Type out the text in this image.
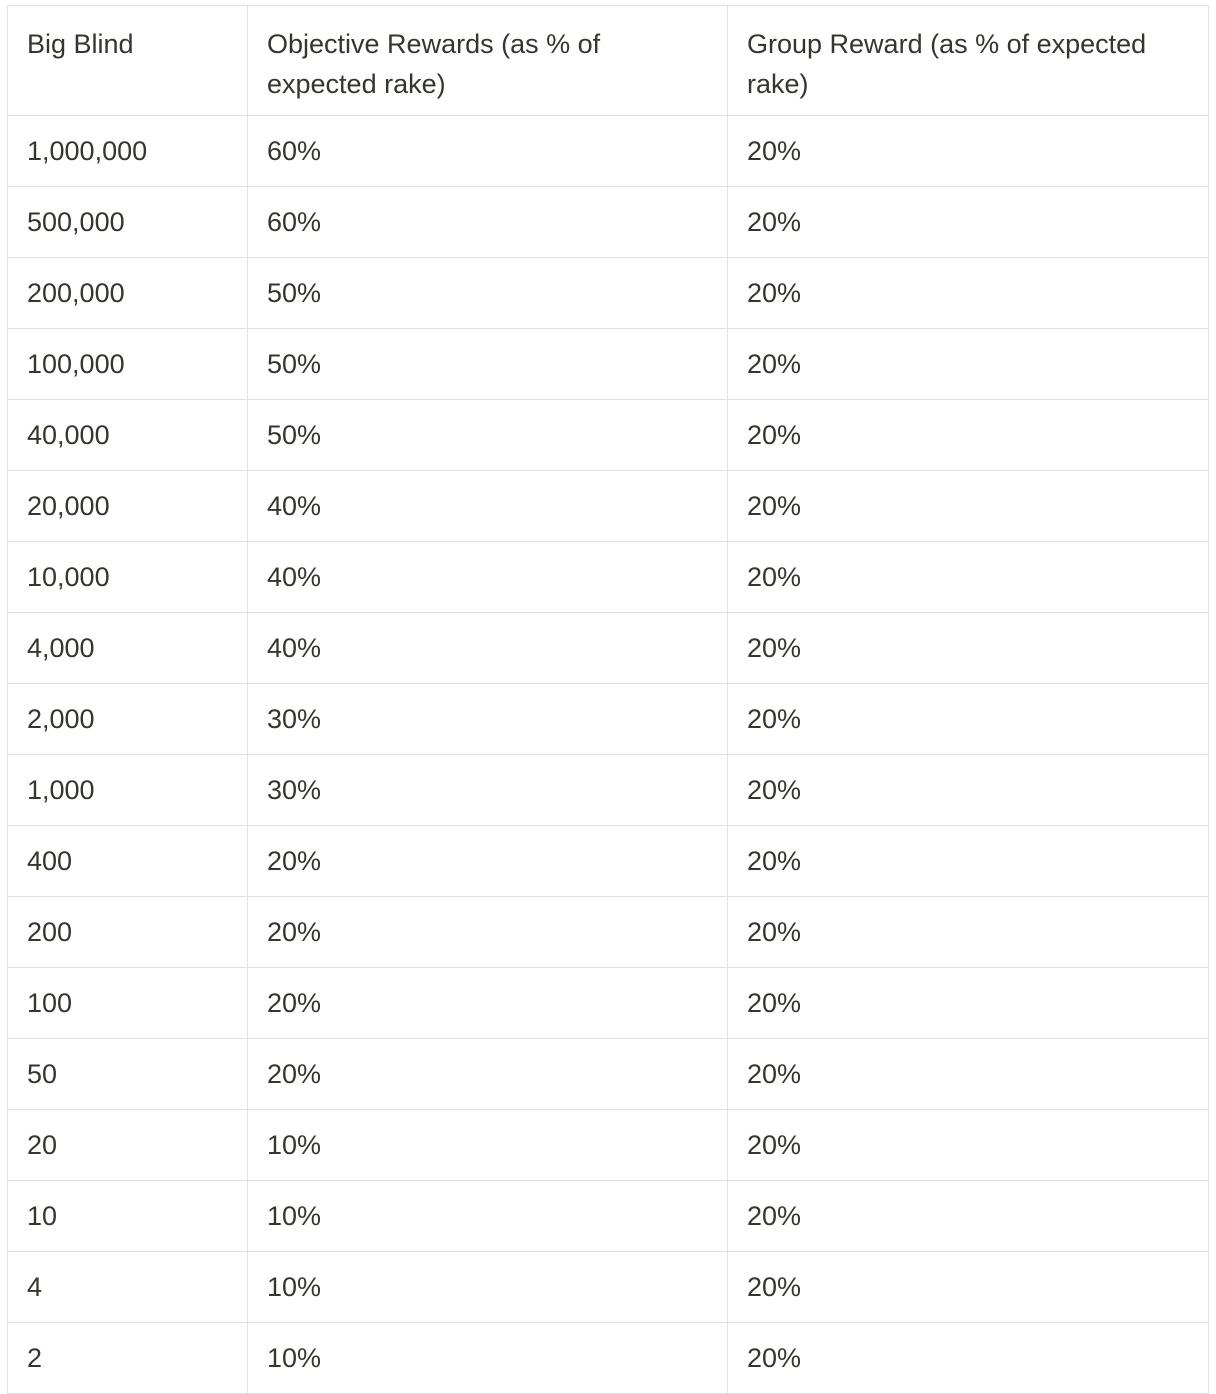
Big Blind	Objective Rewards (as % of expected rake)	Group Reward (as % of expected rake)

1,000,000	60%	20%
500,000	60%	20%
200,000	50%	20%
100,000	50%	20%
40,000	50%	20%
20,000	40%	20%
10,000	40%	20%
4,000	40%	20%
2,000	30%	20%
1,000	30%	20%
400	20%	20%
200	20%	20%
100	20%	20%
50	20%	20%
20	10%	20%
10	10%	20%
4	10%	20%
2	10%	20%
